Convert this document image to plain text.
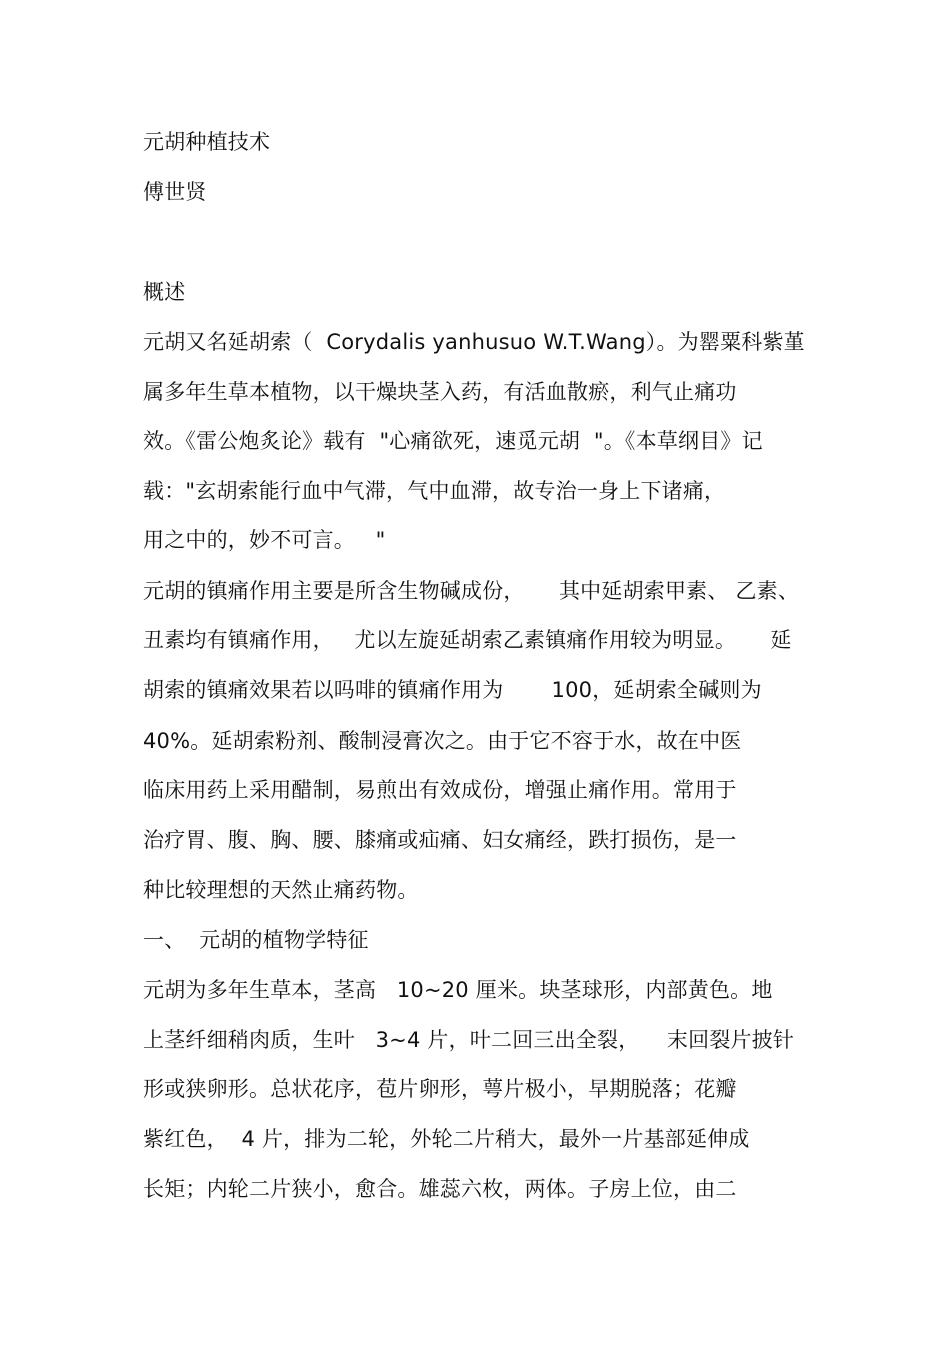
元胡种植技术
傅世贤
概述
元胡又名延胡索（  Corydalis yanhusuo W.T.Wang）。为罂粟科紫堇
属多年生草本植物，以干燥块茎入药，有活血散瘀，利气止痛功
效。《雷公炮炙论》载有  "心痛欲死，速觅元胡  "。《本草纲目》记
载："玄胡索能行血中气滞，气中血滞，故专治一身上下诸痛，
用之中的，妙不可言。   "
元胡的镇痛作用主要是所含生物碱成份，     其中延胡索甲素、 乙素、
丑素均有镇痛作用，   尤以左旋延胡索乙素镇痛作用较为明显。     延
胡索的镇痛效果若以吗啡的镇痛作用为       100，延胡索全碱则为
40%。延胡索粉剂、酸制浸膏次之。由于它不容于水，故在中医
临床用药上采用醋制，易煎出有效成份，增强止痛作用。常用于
治疗胃、腹、胸、腰、膝痛或疝痛、妇女痛经，跌打损伤，是一
种比较理想的天然止痛药物。
一、  元胡的植物学特征
元胡为多年生草本，茎高   10~20 厘米。块茎球形，内部黄色。地
上茎纤细稍肉质，生叶   3~4 片，叶二回三出全裂，    末回裂片披针
形或狭卵形。总状花序，苞片卵形，萼片极小，早期脱落；花瓣
紫红色，  4 片，排为二轮，外轮二片稍大，最外一片基部延伸成
长矩；内轮二片狭小，愈合。雄蕊六枚，两体。子房上位，由二
